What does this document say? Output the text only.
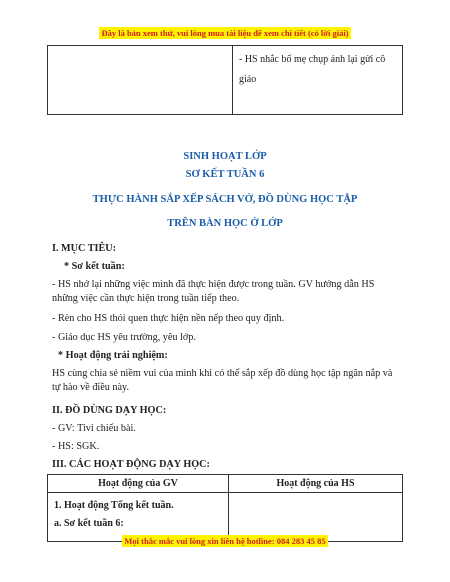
Đây là bản xem thử, vui lòng mua tài liệu để xem chi tiết (có lời giải)
	- HS nhắc bố mẹ chụp ảnh lại gửi cô giáo
SINH HOẠT LỚP
SƠ KẾT TUẦN 6
THỰC HÀNH SẮP XẾP SÁCH VỞ, ĐỒ DÙNG HỌC TẬP
TRÊN BÀN HỌC Ở LỚP
I. MỤC TIÊU:
* Sơ kết tuần:
- HS nhớ lại những việc mình đã thực hiện được trong tuần. GV hướng dẫn HS những việc cần thực hiện trong tuần tiếp theo.
- Rèn cho HS thói quen thực hiện nền nếp theo quy định.
- Giáo dục HS yêu trường, yêu lớp.
* Hoạt động trải nghiệm:
HS cùng chia sẻ niềm vui của mình khi có thể sắp xếp đồ dùng học tập ngăn nắp và tự hào về điều này.
II. ĐỒ DÙNG DẠY HỌC:
- GV: Tivi chiếu bài.
- HS: SGK.
III. CÁC HOẠT ĐỘNG DẠY HỌC:
Hoạt động của GV	Hoạt động của HS

1. Hoạt động Tổng kết tuần.
a. Sơ kết tuần 6:	

Mọi thắc mắc vui lòng xin liên hệ hotline: 084 283 45 85
